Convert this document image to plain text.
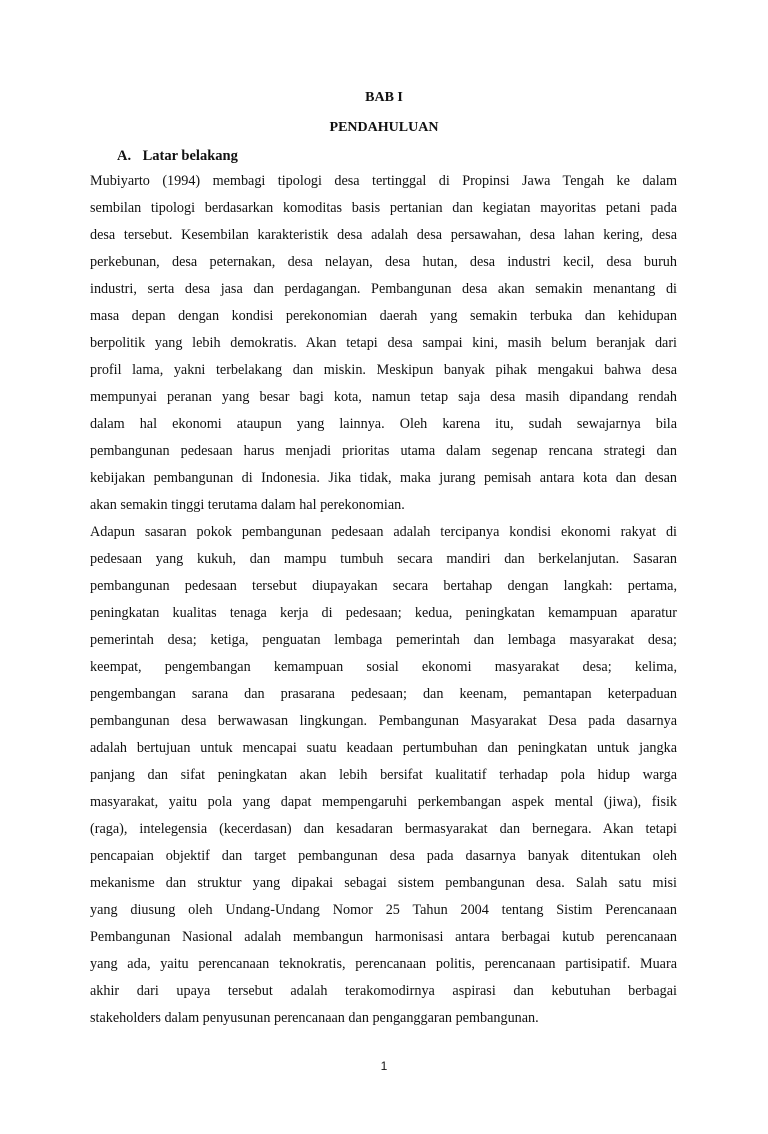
BAB I
PENDAHULUAN
A. Latar belakang
Mubiyarto (1994) membagi tipologi desa tertinggal di Propinsi Jawa Tengah ke dalam
sembilan tipologi berdasarkan komoditas basis pertanian dan kegiatan mayoritas petani pada
desa tersebut. Kesembilan karakteristik desa adalah desa persawahan, desa lahan kering, desa
perkebunan, desa peternakan, desa nelayan, desa hutan, desa industri kecil, desa buruh
industri, serta desa jasa dan perdagangan. Pembangunan desa akan semakin menantang di
masa depan dengan kondisi perekonomian daerah yang semakin terbuka dan kehidupan
berpolitik yang lebih demokratis. Akan tetapi desa sampai kini, masih belum beranjak dari
profil lama, yakni terbelakang dan miskin. Meskipun banyak pihak mengakui bahwa desa
mempunyai peranan yang besar bagi kota, namun tetap saja desa masih dipandang rendah
dalam hal ekonomi ataupun yang lainnya. Oleh karena itu, sudah sewajarnya bila
pembangunan pedesaan harus menjadi prioritas utama dalam segenap rencana strategi dan
kebijakan pembangunan di Indonesia. Jika tidak, maka jurang pemisah antara kota dan desan
akan semakin tinggi terutama dalam hal perekonomian.
Adapun sasaran pokok pembangunan pedesaan adalah tercipanya kondisi ekonomi rakyat di
pedesaan yang kukuh, dan mampu tumbuh secara mandiri dan berkelanjutan. Sasaran
pembangunan pedesaan tersebut diupayakan secara bertahap dengan langkah: pertama,
peningkatan kualitas tenaga kerja di pedesaan; kedua, peningkatan kemampuan aparatur
pemerintah desa; ketiga, penguatan lembaga pemerintah dan lembaga masyarakat desa;
keempat, pengembangan kemampuan sosial ekonomi masyarakat desa; kelima,
pengembangan sarana dan prasarana pedesaan; dan keenam, pemantapan keterpaduan
pembangunan desa berwawasan lingkungan. Pembangunan Masyarakat Desa pada dasarnya
adalah bertujuan untuk mencapai suatu keadaan pertumbuhan dan peningkatan untuk jangka
panjang dan sifat peningkatan akan lebih bersifat kualitatif terhadap pola hidup warga
masyarakat, yaitu pola yang dapat mempengaruhi perkembangan aspek mental (jiwa), fisik
(raga), intelegensia (kecerdasan) dan kesadaran bermasyarakat dan bernegara. Akan tetapi
pencapaian objektif dan target pembangunan desa pada dasarnya banyak ditentukan oleh
mekanisme dan struktur yang dipakai sebagai sistem pembangunan desa. Salah satu misi
yang diusung oleh Undang-Undang Nomor 25 Tahun 2004 tentang Sistim Perencanaan
Pembangunan Nasional adalah membangun harmonisasi antara berbagai kutub perencanaan
yang ada, yaitu perencanaan teknokratis, perencanaan politis, perencanaan partisipatif. Muara
akhir dari upaya tersebut adalah terakomodirnya aspirasi dan kebutuhan berbagai
stakeholders dalam penyusunan perencanaan dan penganggaran pembangunan.
1
